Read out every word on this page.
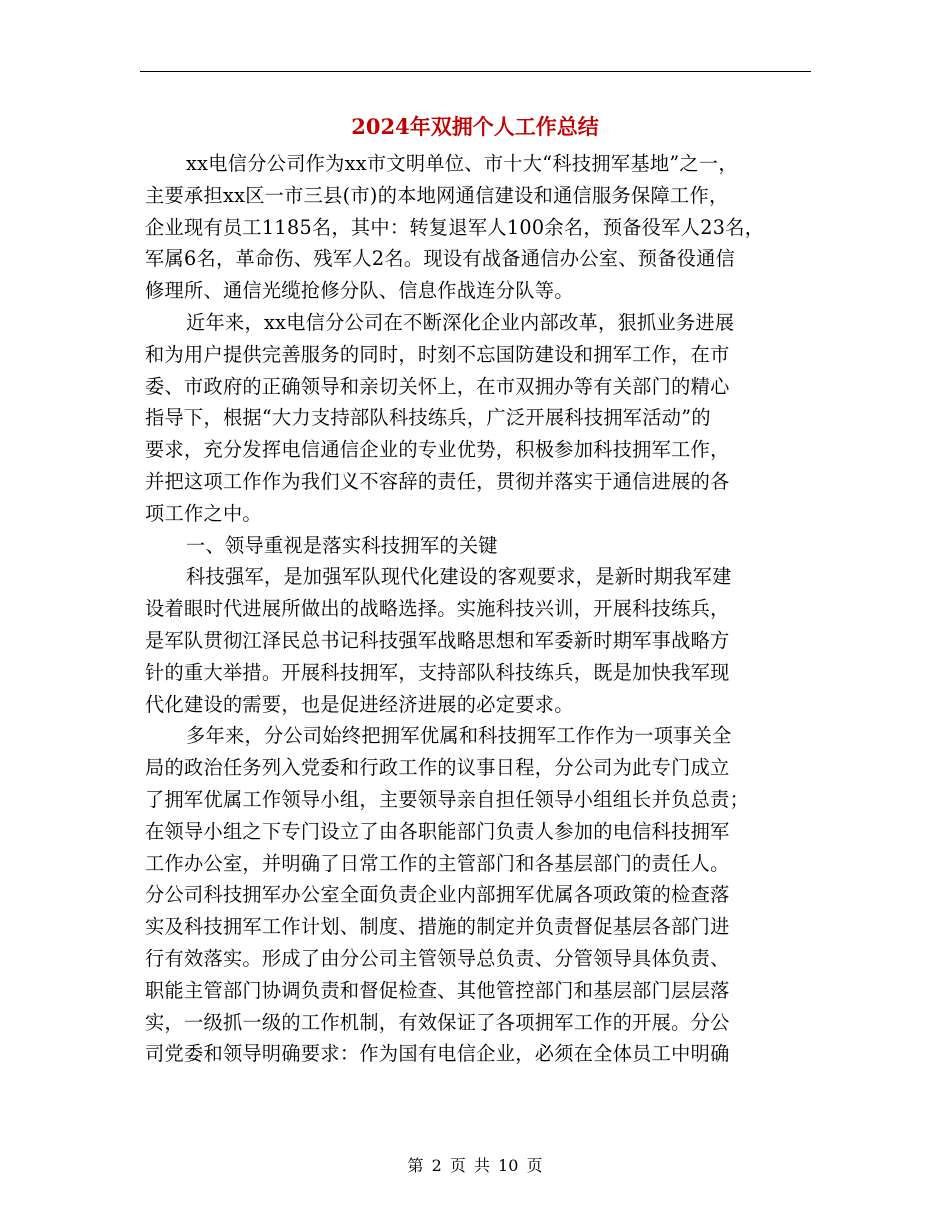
2024年双拥个人工作总结

xx电信分公司作为xx市文明单位、市十大“科技拥军基地”之一，
主要承担xx区一市三县(市)的本地网通信建设和通信服务保障工作，
企业现有员工1185名，其中：转复退军人100余名，预备役军人23名，
军属6名，革命伤、残军人2名。现设有战备通信办公室、预备役通信
修理所、通信光缆抢修分队、信息作战连分队等。

近年来，xx电信分公司在不断深化企业内部改革，狠抓业务进展
和为用户提供完善服务的同时，时刻不忘国防建设和拥军工作，在市
委、市政府的正确领导和亲切关怀上，在市双拥办等有关部门的精心
指导下，根据“大力支持部队科技练兵，广泛开展科技拥军活动”的
要求，充分发挥电信通信企业的专业优势，积极参加科技拥军工作，
并把这项工作作为我们义不容辞的责任，贯彻并落实于通信进展的各
项工作之中。

一、领导重视是落实科技拥军的关键

科技强军，是加强军队现代化建设的客观要求，是新时期我军建
设着眼时代进展所做出的战略选择。实施科技兴训，开展科技练兵，
是军队贯彻江泽民总书记科技强军战略思想和军委新时期军事战略方
针的重大举措。开展科技拥军，支持部队科技练兵，既是加快我军现
代化建设的需要，也是促进经济进展的必定要求。

多年来，分公司始终把拥军优属和科技拥军工作作为一项事关全
局的政治任务列入党委和行政工作的议事日程，分公司为此专门成立
了拥军优属工作领导小组，主要领导亲自担任领导小组组长并负总责；
在领导小组之下专门设立了由各职能部门负责人参加的电信科技拥军
工作办公室，并明确了日常工作的主管部门和各基层部门的责任人。
分公司科技拥军办公室全面负责企业内部拥军优属各项政策的检查落
实及科技拥军工作计划、制度、措施的制定并负责督促基层各部门进
行有效落实。形成了由分公司主管领导总负责、分管领导具体负责、
职能主管部门协调负责和督促检查、其他管控部门和基层部门层层落
实，一级抓一级的工作机制，有效保证了各项拥军工作的开展。分公
司党委和领导明确要求：作为国有电信企业，必须在全体员工中明确

第 2 页 共 10 页
